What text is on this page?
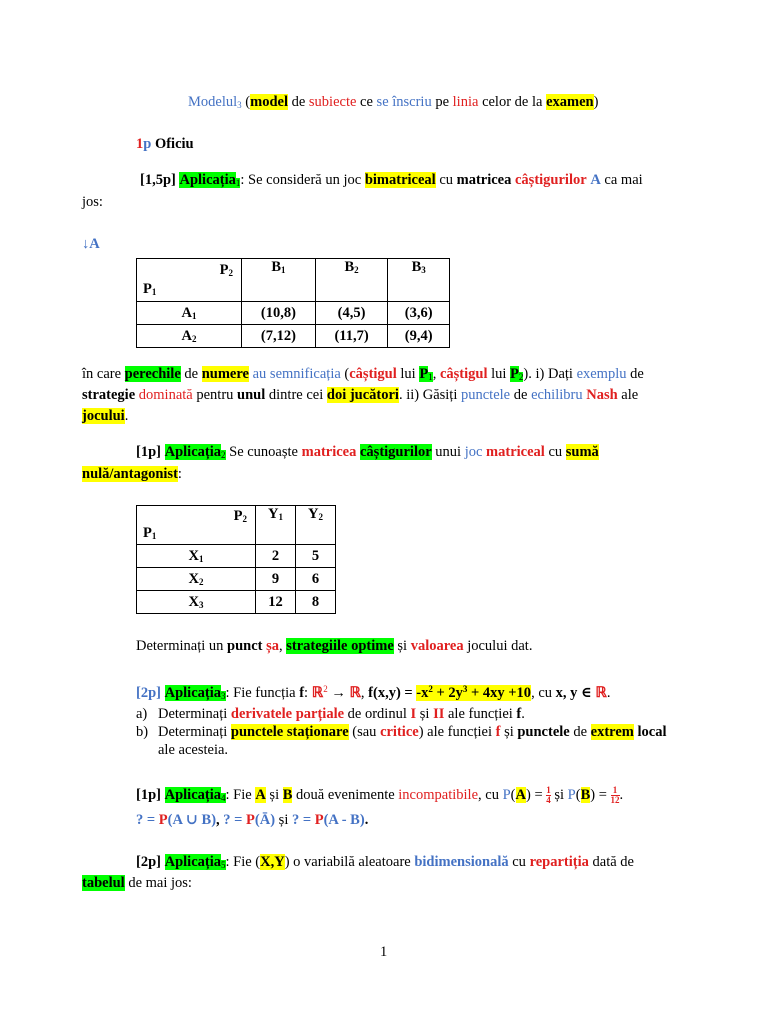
Modelul$_3$ (model de subiecte ce se înscriu pe linia celor de la examen)
1p Oficiu
[1,5p] Aplicația$_1$: Se consideră un joc bimatriceal cu matricea câștigurilor A ca mai
jos:
↓A
$P_2$
$P_1$	$B_1$	$B_2$	$B_3$
$A_1$	(10,8)	(4,5)	(3,6)
$A_2$	(7,12)	(11,7)	(9,4)
în care perechile de numere au semnificația (câștigul lui $P_1$, câștigul lui $P_2$). i) Dați exemplu de
strategie dominată pentru unul dintre cei doi jucători. ii) Găsiți punctele de echilibru Nash ale
jocului.
[1p] Aplicația$_2$ Se cunoaște matricea câștigurilor unui joc matriceal cu sumă
nulă/antagonist:
$P_2$
$P_1$	$Y_1$	$Y_2$
$X_1$	2	5
$X_2$	9	6
$X_3$	12	8
Determinați un punct șa, strategiile optime și valoarea jocului dat.
[2p] Aplicația$_3$: Fie funcția f: ℝ$^2$ → ℝ, $f(x,y) = -x^2 + 2y^3 + 4xy +10$, cu x, y ∈ ℝ.
a) Determinați derivatele parțiale de ordinul I și II ale funcției f.
b) Determinați punctele staționare (sau critice) ale funcției f și punctele de extrem local
ale acesteia.
[1p] Aplicația$_4$: Fie A și B două evenimente incompatibile, cu $P(A) = \frac{1}{4}$ și $P(B) = \frac{1}{12}$ .
? = P(A ∪ B), ? = P(Ā) și ? = P(A - B).
[2p] Aplicația$_5$: Fie (X,Y) o variabilă aleatoare bidimensională cu repartiția dată de
tabelul de mai jos:
1
